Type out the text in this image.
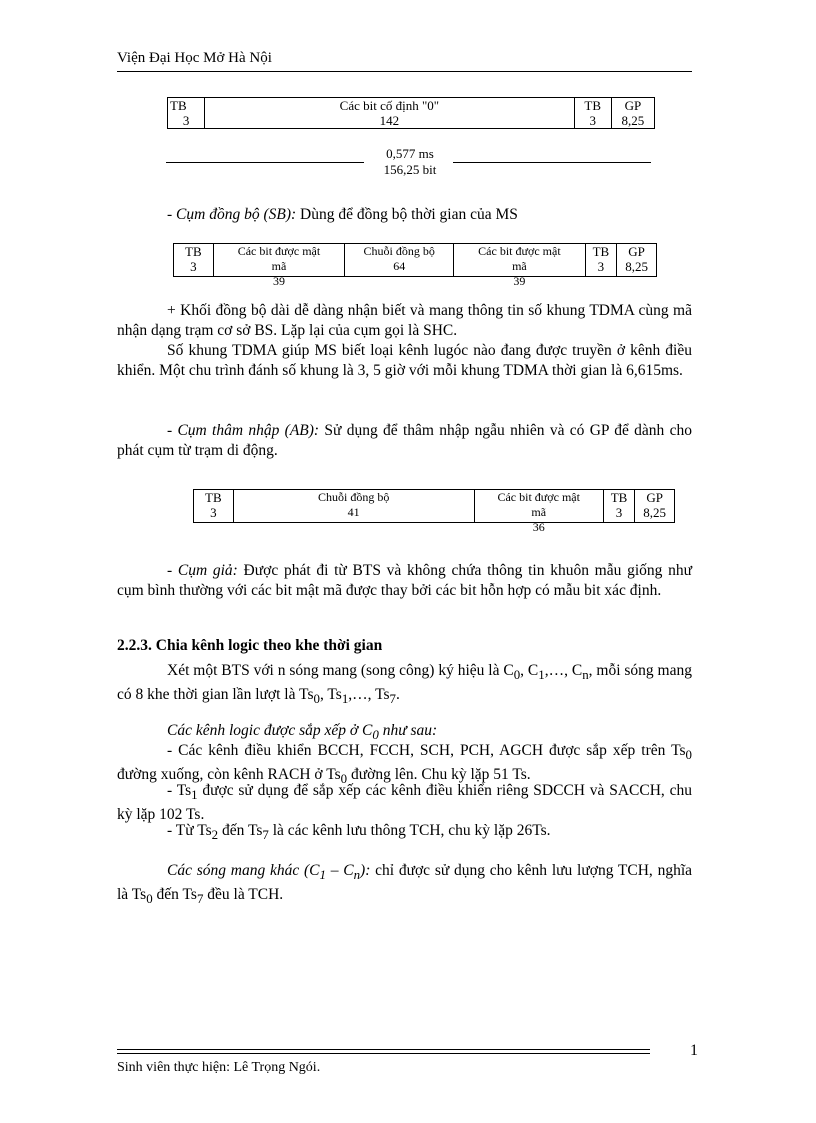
Viện Đại Học Mở Hà Nội
TB
3

Các bit cố định "0"
142

TB
3

GP
8,25
0,577 ms
156,25 bit
- Cụm đồng bộ (SB): Dùng để đồng bộ thời gian của MS
TB
3

Các bit được mật
mã
39

Chuỗi đồng bộ
64

Các bit được mật
mã
39

TB
3

GP
8,25
+ Khối đồng bộ dài dễ dàng nhận biết và mang thông tin số khung TDMA cùng mã nhận dạng trạm cơ sở BS. Lặp lại của cụm gọi là SHC.
Số khung TDMA giúp MS biết loại kênh lugóc nào đang được truyền ở kênh điều khiển. Một chu trình đánh số khung là 3, 5 giờ với mỗi khung TDMA thời gian là 6,615ms.
- Cụm thâm nhập (AB): Sử dụng để thâm nhập ngẫu nhiên và có GP để dành cho phát cụm từ trạm di động.
TB
3

Chuỗi đồng bộ
41

Các bit được mật
mã
36

TB
3

GP
8,25
- Cụm giả: Được phát đi từ BTS và không chứa thông tin khuôn mẫu giống như cụm bình thường với các bit mật mã được thay bởi các bit hỗn hợp có mẫu bit xác định.
2.2.3. Chia kênh logic theo khe thời gian
Xét một BTS với n sóng mang (song công) ký hiệu là $C_0$, $C_1,\dots$, $C_n$, mỗi sóng mang có 8 khe thời gian lần lượt là $Ts_0$, $Ts_1,\dots$, $Ts_7$.
Các kênh logic được sắp xếp ở $C_0$ như sau:
- Các kênh điều khiển BCCH, FCCH, SCH, PCH, AGCH được sắp xếp trên $Ts_0$ đường xuống, còn kênh RACH ở $Ts_0$ đường lên. Chu kỳ lặp 51 Ts.
- $Ts_1$ được sử dụng để sắp xếp các kênh điều khiển riêng SDCCH và SACCH, chu kỳ lặp 102 Ts.
- Từ $Ts_2$ đến $Ts_7$ là các kênh lưu thông TCH, chu kỳ lặp 26Ts.
Các sóng mang khác $(C_1 - C_n)$: chỉ được sử dụng cho kênh lưu lượng TCH, nghĩa là $Ts_0$ đến $Ts_7$ đều là TCH.
1
Sinh viên thực hiện: Lê Trọng Ngói.
